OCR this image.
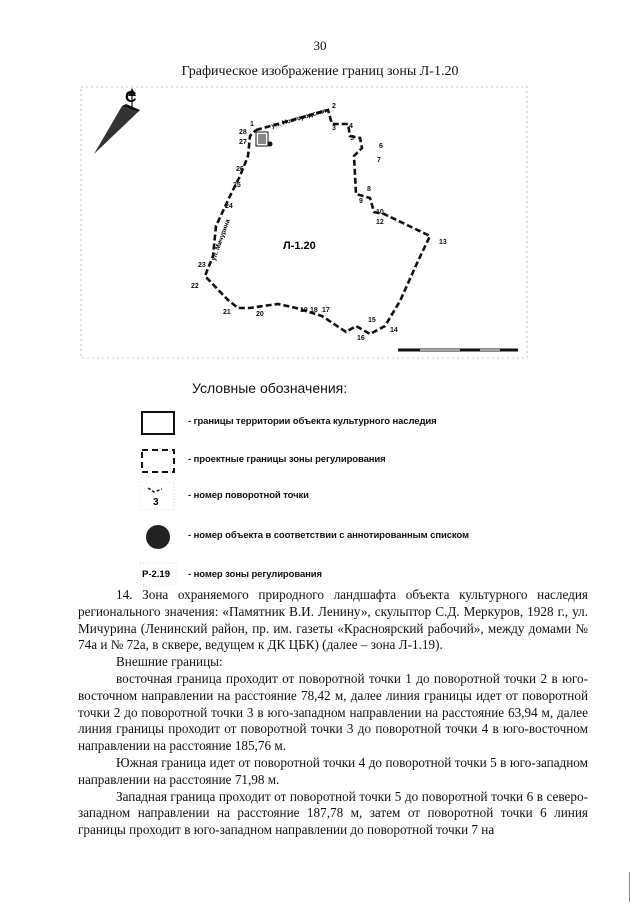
30
Графическое изображение границ зоны Л-1.20
С
ул. Новгородская
ул. Мичурина	Л-1.20
1
2
3 4
5
6
7
8
9
10
12
13
14
15
16
17
18
19
20
21
22
23
24
25
26
27
28
Условные обозначения:
- границы территории объекта культурного наследия
- проектные границы зоны регулирования
3
- номер поворотной точки
- номер объекта в соответствии с аннотированным списком
Р-2.19 - номер зоны регулирования

14. Зона охраняемого природного ландшафта объекта культурного наследия регионального значения: «Памятник В.И. Ленину», скульптор С.Д. Меркуров, 1928 г., ул. Мичурина (Ленинский район, пр. им. газеты «Красноярский рабочий», между домами № 74а и № 72а, в сквере, ведущем к ДК ЦБК) (далее – зона Л-1.19).

Внешние границы:

восточная граница проходит от поворотной точки 1 до поворотной точки 2 в юго-восточном направлении на расстояние 78,42 м, далее линия границы идет от поворотной точки 2 до поворотной точки 3 в юго-западном направлении на расстояние 63,94 м, далее линия границы проходит от поворотной точки 3 до поворотной точки 4 в юго-восточном направлении на расстояние 185,76 м.

Южная граница идет от поворотной точки 4 до поворотной точки 5 в юго-западном направлении на расстояние 71,98 м.

Западная граница проходит от поворотной точки 5 до поворотной точки 6 в северо-западном направлении на расстояние 187,78 м, затем от поворотной точки 6 линия границы проходит в юго-западном направлении до поворотной точки 7 на
